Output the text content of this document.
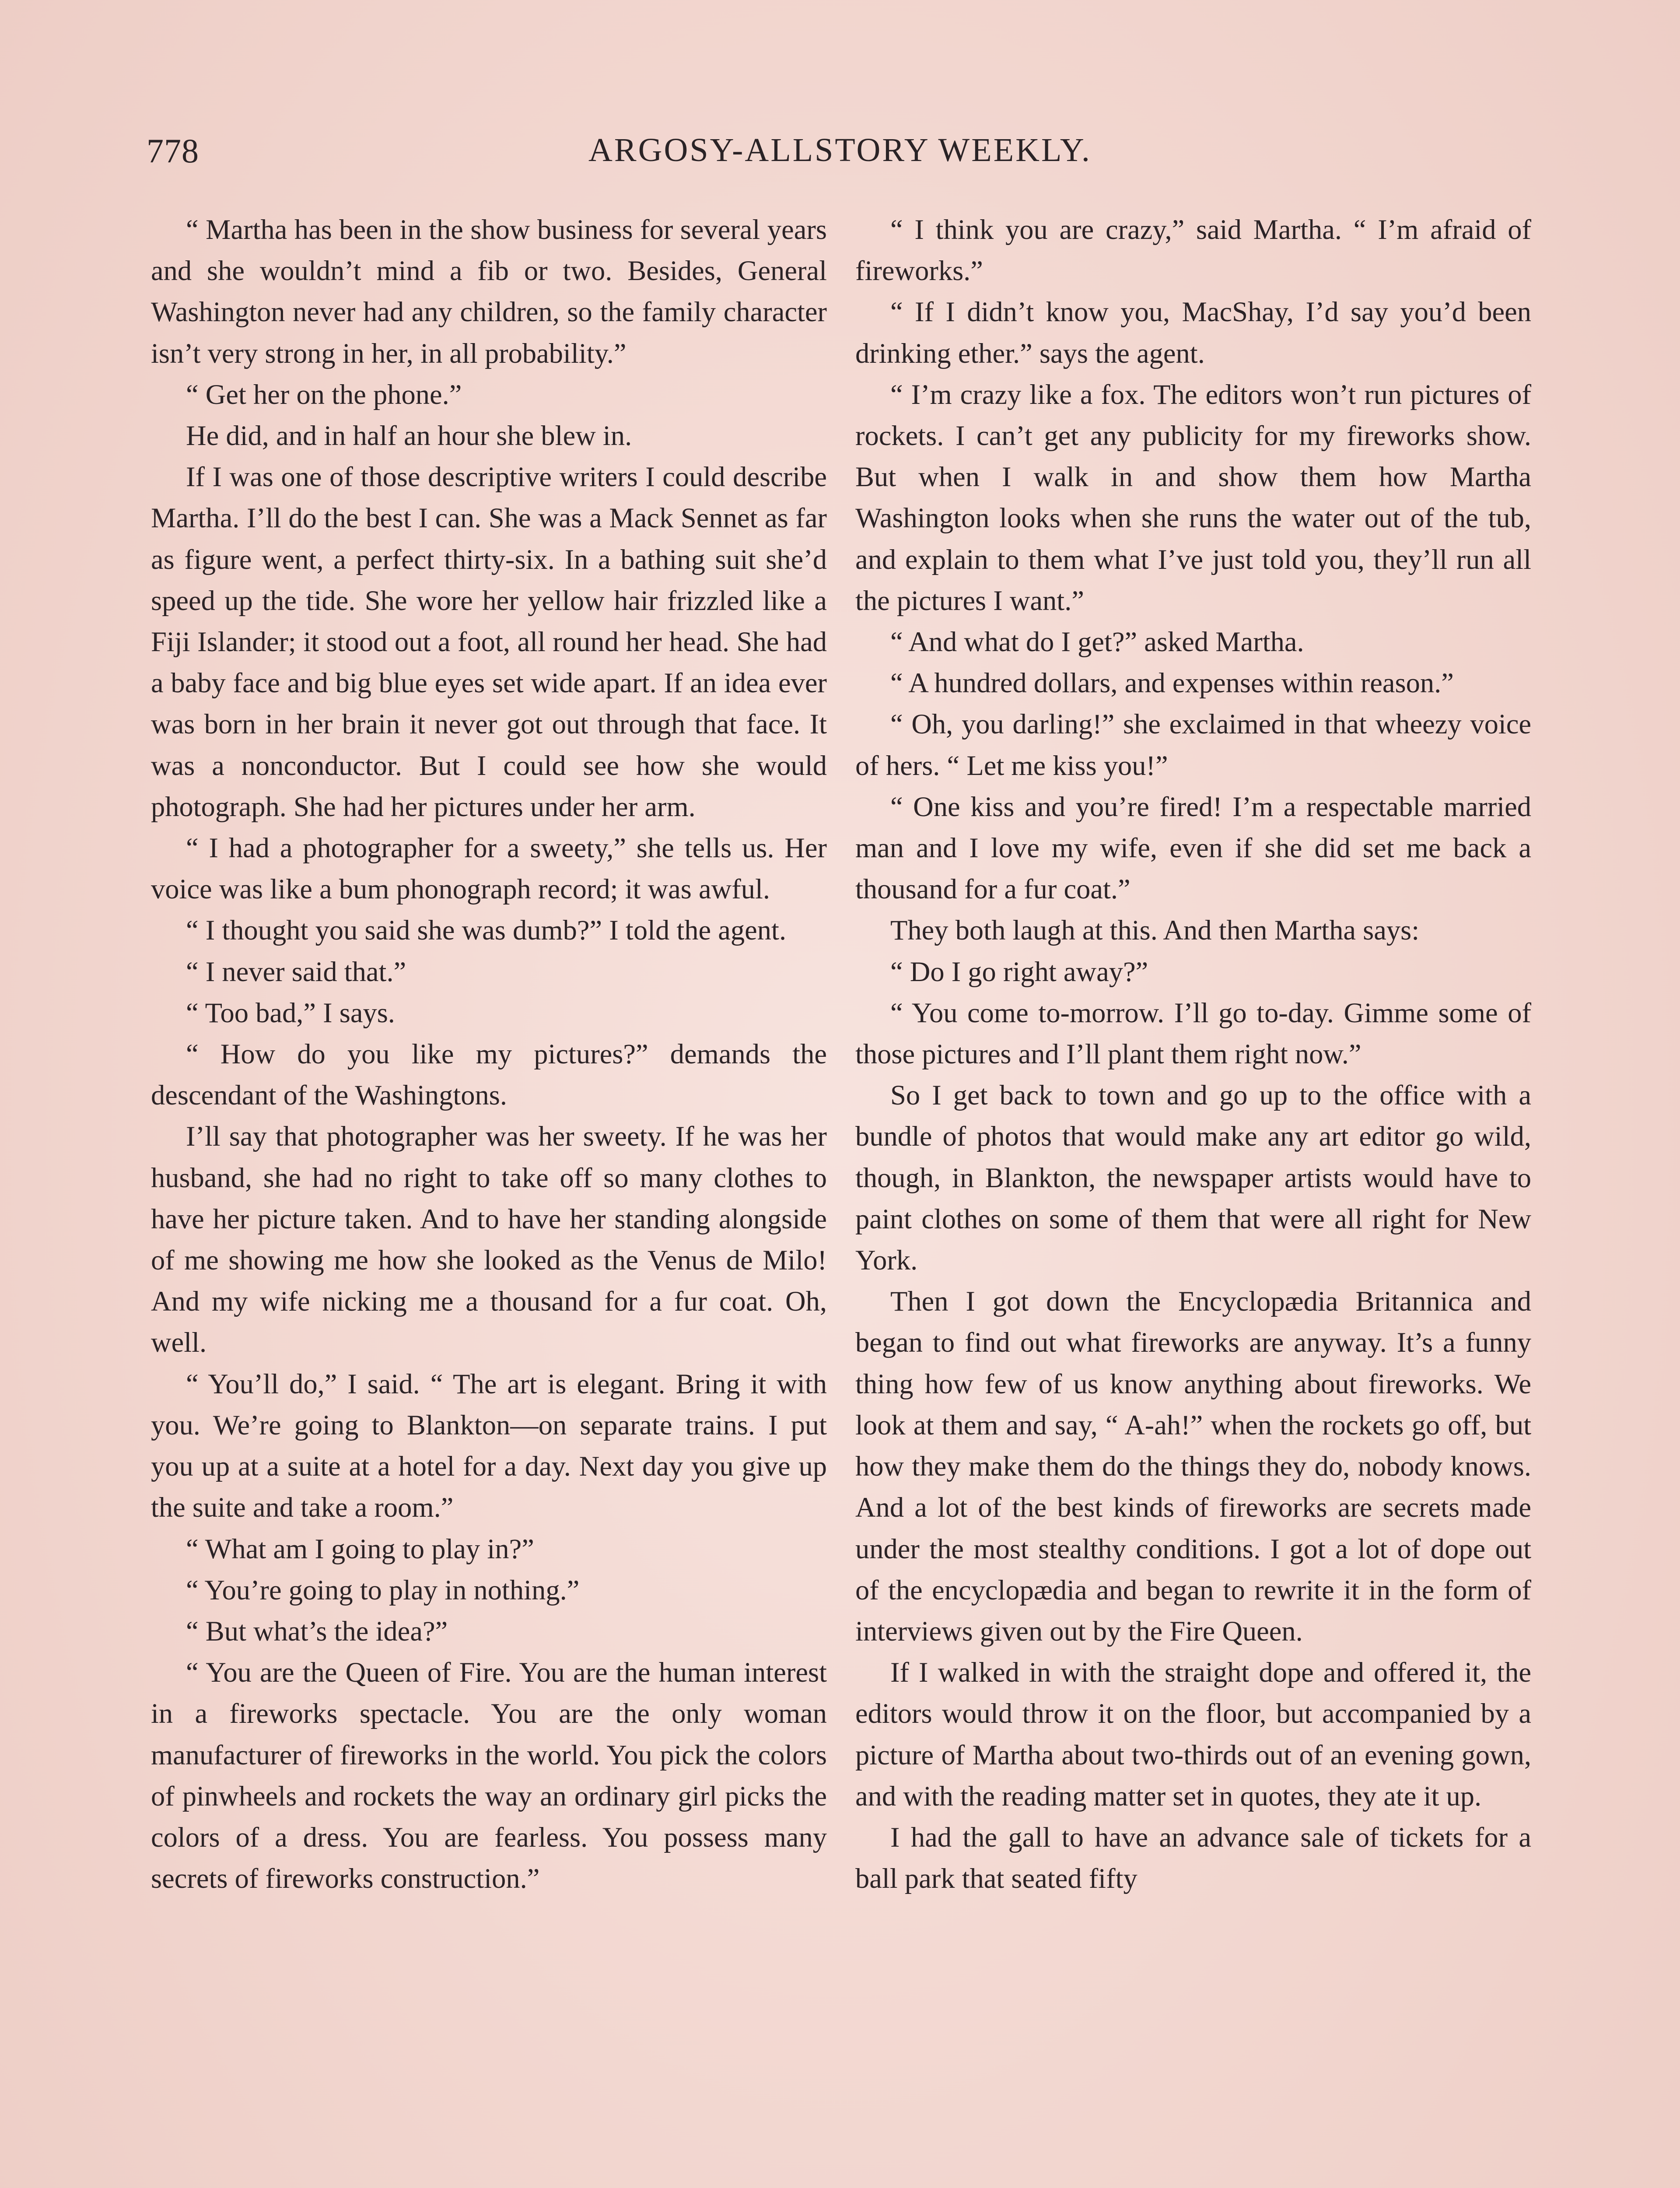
778	ARGOSY-ALLSTORY WEEKLY.

“ Martha has been in the show business for several years and she wouldn’t mind a fib or two. Besides, General Washington never had any children, so the family character isn’t very strong in her, in all probability.”

“ Get her on the phone.”

He did, and in half an hour she blew in.

If I was one of those descriptive writers I could describe Martha. I’ll do the best I can. She was a Mack Sennet as far as figure went, a perfect thirty-six. In a bathing suit she’d speed up the tide. She wore her yellow hair frizzled like a Fiji Islander; it stood out a foot, all round her head. She had a baby face and big blue eyes set wide apart. If an idea ever was born in her brain it never got out through that face. It was a nonconductor. But I could see how she would photograph. She had her pictures under her arm.

“ I had a photographer for a sweety,” she tells us. Her voice was like a bum phonograph record; it was awful.

“ I thought you said she was dumb?” I told the agent.

“ I never said that.”

“ Too bad,” I says.

“ How do you like my pictures?” demands the descendant of the Washingtons.

I’ll say that photographer was her sweety. If he was her husband, she had no right to take off so many clothes to have her picture taken. And to have her standing alongside of me showing me how she looked as the Venus de Milo! And my wife nicking me a thousand for a fur coat. Oh, well.

“ You’ll do,” I said. “ The art is elegant. Bring it with you. We’re going to Blankton—on separate trains. I put you up at a suite at a hotel for a day. Next day you give up the suite and take a room.”

“ What am I going to play in?”

“ You’re going to play in nothing.”

“ But what’s the idea?”

“ You are the Queen of Fire. You are the human interest in a fireworks spectacle. You are the only woman manufacturer of fireworks in the world. You pick the colors of pinwheels and rockets the way an ordinary girl picks the colors of a dress. You are fearless. You possess many secrets of fireworks construction.”

“ I think you are crazy,” said Martha. “ I’m afraid of fireworks.”

“ If I didn’t know you, MacShay, I’d say you’d been drinking ether.” says the agent.

“ I’m crazy like a fox. The editors won’t run pictures of rockets. I can’t get any publicity for my fireworks show. But when I walk in and show them how Martha Washington looks when she runs the water out of the tub, and explain to them what I’ve just told you, they’ll run all the pictures I want.”

“ And what do I get?” asked Martha.

“ A hundred dollars, and expenses within reason.”

“ Oh, you darling!” she exclaimed in that wheezy voice of hers. “ Let me kiss you!”

“ One kiss and you’re fired! I’m a respectable married man and I love my wife, even if she did set me back a thousand for a fur coat.”

They both laugh at this. And then Martha says:

“ Do I go right away?”

“ You come to-morrow. I’ll go to-day. Gimme some of those pictures and I’ll plant them right now.”

So I get back to town and go up to the office with a bundle of photos that would make any art editor go wild, though, in Blankton, the newspaper artists would have to paint clothes on some of them that were all right for New York.

Then I got down the Encyclopædia Britannica and began to find out what fireworks are anyway. It’s a funny thing how few of us know anything about fireworks. We look at them and say, “ A-ah!” when the rockets go off, but how they make them do the things they do, nobody knows. And a lot of the best kinds of fireworks are secrets made under the most stealthy conditions. I got a lot of dope out of the encyclopædia and began to rewrite it in the form of interviews given out by the Fire Queen.

If I walked in with the straight dope and offered it, the editors would throw it on the floor, but accompanied by a picture of Martha about two-thirds out of an evening gown, and with the reading matter set in quotes, they ate it up.

I had the gall to have an advance sale of tickets for a ball park that seated fifty
